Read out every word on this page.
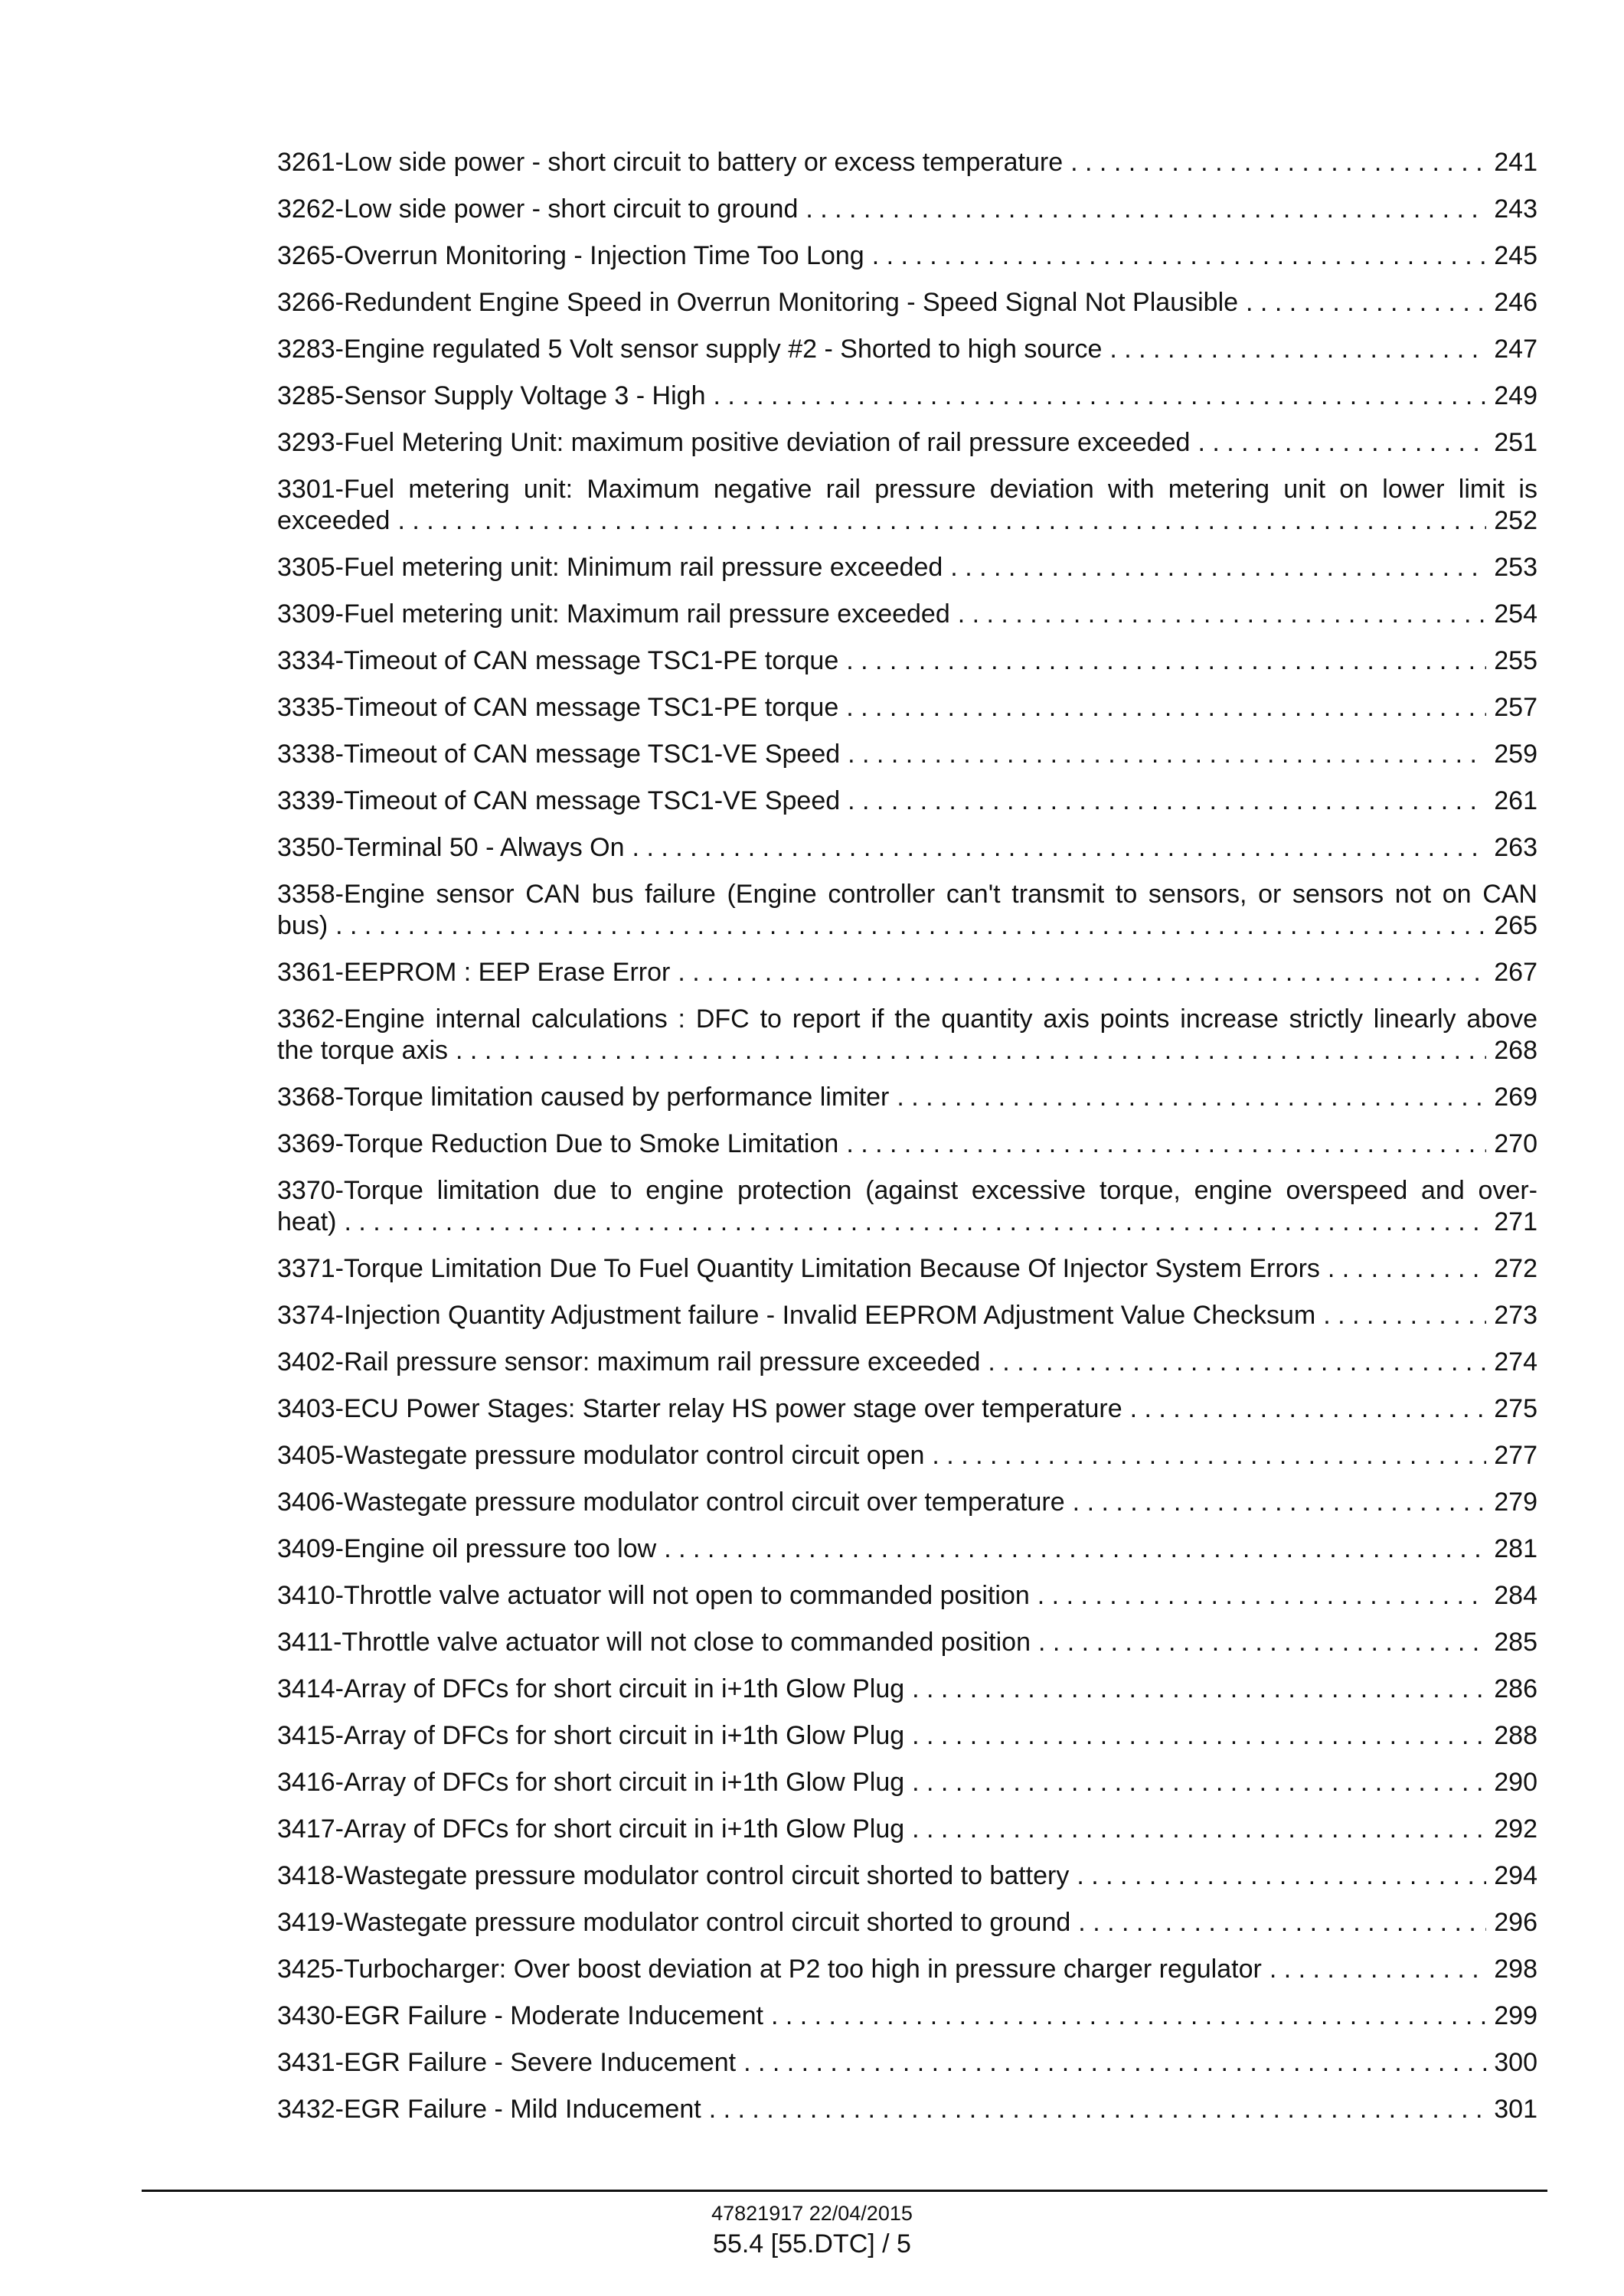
3261-Low side power - short circuit to battery or excess temperature . . .	241
3262-Low side power - short circuit to ground . . .	243
3265-Overrun Monitoring - Injection Time Too Long . . .	245
3266-Redundent Engine Speed in Overrun Monitoring - Speed Signal Not Plausible . . .	246
3283-Engine regulated 5 Volt sensor supply #2 - Shorted to high source . . .	247
3285-Sensor Supply Voltage 3 - High . . .	249
3293-Fuel Metering Unit: maximum positive deviation of rail pressure exceeded . . .	251
3301-Fuel metering unit: Maximum negative rail pressure deviation with metering unit on lower limit is
exceeded . . .	252
3305-Fuel metering unit: Minimum rail pressure exceeded . . .	253
3309-Fuel metering unit: Maximum rail pressure exceeded . . .	254
3334-Timeout of CAN message TSC1-PE torque . . .	255
3335-Timeout of CAN message TSC1-PE torque . . .	257
3338-Timeout of CAN message TSC1-VE Speed . . .	259
3339-Timeout of CAN message TSC1-VE Speed . . .	261
3350-Terminal 50 - Always On . . .	263
3358-Engine sensor CAN bus failure (Engine controller can't transmit to sensors, or sensors not on CAN
bus) . . .	265
3361-EEPROM : EEP Erase Error . . .	267
3362-Engine internal calculations : DFC to report if the quantity axis points increase strictly linearly above
the torque axis . . .	268
3368-Torque limitation caused by performance limiter . . .	269
3369-Torque Reduction Due to Smoke Limitation . . .	270
3370-Torque limitation due to engine protection (against excessive torque, engine overspeed and over-
heat) . . .	271
3371-Torque Limitation Due To Fuel Quantity Limitation Because Of Injector System Errors . . .	272
3374-Injection Quantity Adjustment failure - Invalid EEPROM Adjustment Value Checksum . . .	273
3402-Rail pressure sensor: maximum rail pressure exceeded . . .	274
3403-ECU Power Stages: Starter relay HS power stage over temperature . . .	275
3405-Wastegate pressure modulator control circuit open . . .	277
3406-Wastegate pressure modulator control circuit over temperature . . .	279
3409-Engine oil pressure too low . . .	281
3410-Throttle valve actuator will not open to commanded position . . .	284
3411-Throttle valve actuator will not close to commanded position . . .	285
3414-Array of DFCs for short circuit in i+1th Glow Plug . . .	286
3415-Array of DFCs for short circuit in i+1th Glow Plug . . .	288
3416-Array of DFCs for short circuit in i+1th Glow Plug . . .	290
3417-Array of DFCs for short circuit in i+1th Glow Plug . . .	292
3418-Wastegate pressure modulator control circuit shorted to battery . . .	294
3419-Wastegate pressure modulator control circuit shorted to ground . . .	296
3425-Turbocharger: Over boost deviation at P2 too high in pressure charger regulator . . .	298
3430-EGR Failure - Moderate Inducement . . .	299
3431-EGR Failure - Severe Inducement . . .	300
3432-EGR Failure - Mild Inducement . . .	301
47821917 22/04/2015
55.4 [55.DTC] / 5
